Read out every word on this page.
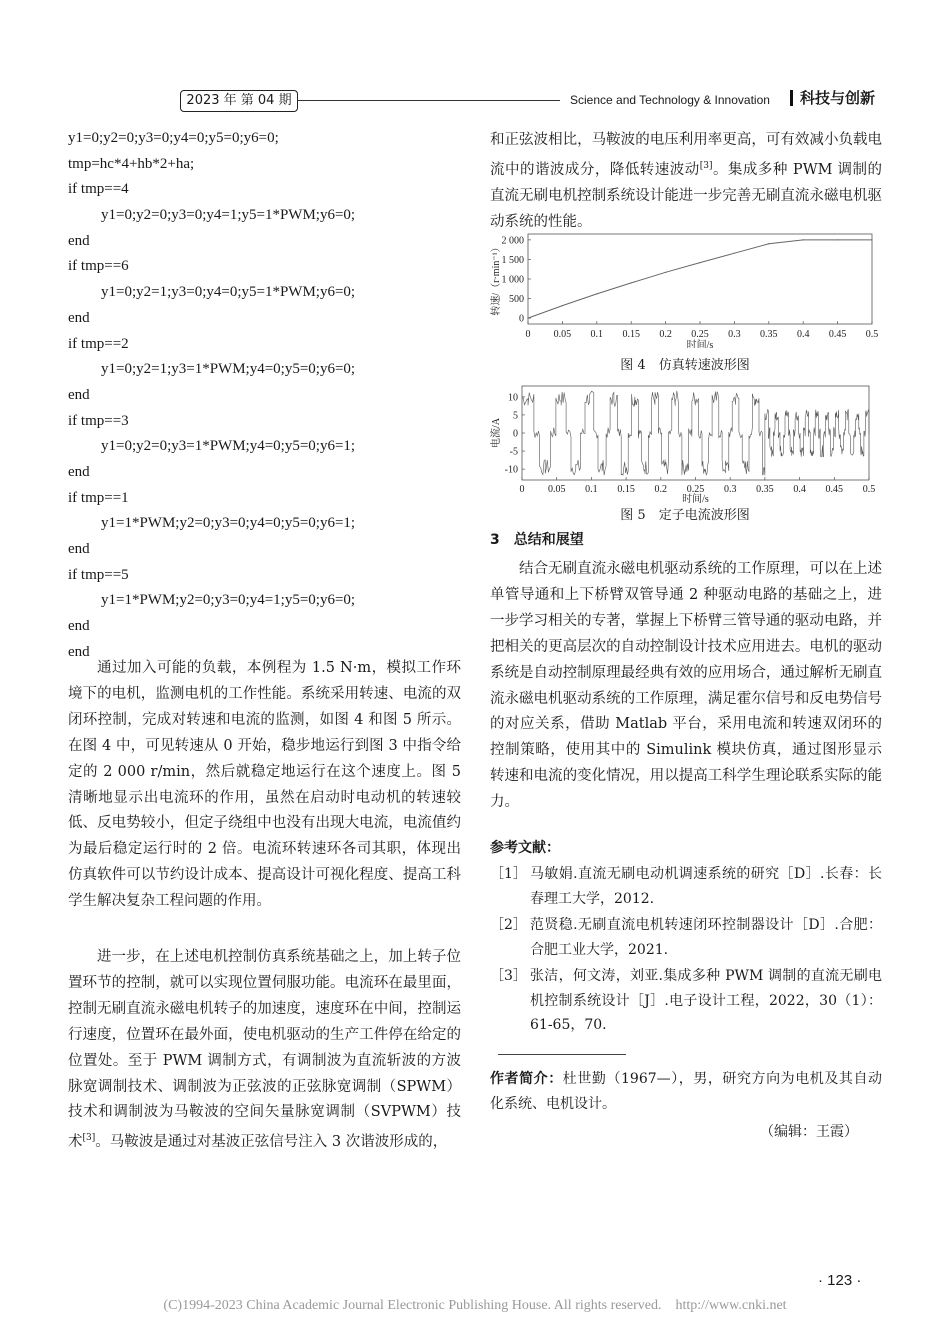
2023 年 第 04 期	Science and Technology & Innovation 科技与创新
y1=0;y2=0;y3=0;y4=0;y5=0;y6=0;
tmp=hc*4+hb*2+ha;
if tmp==4
y1=0;y2=0;y3=0;y4=1;y5=1*PWM;y6=0;
end
if tmp==6
y1=0;y2=1;y3=0;y4=0;y5=1*PWM;y6=0;
end
if tmp==2
y1=0;y2=1;y3=1*PWM;y4=0;y5=0;y6=0;
end
if tmp==3
y1=0;y2=0;y3=1*PWM;y4=0;y5=0;y6=1;
end
if tmp==1
y1=1*PWM;y2=0;y3=0;y4=0;y5=0;y6=1;
end
if tmp==5
y1=1*PWM;y2=0;y3=0;y4=1;y5=0;y6=0;
end
end

通过加入可能的负载，本例程为 1.5 N·m，模拟工作环境下的电机，监测电机的工作性能。系统采用转速、电流的双闭环控制，完成对转速和电流的监测，如图 4 和图 5 所示。在图 4 中，可见转速从 0 开始，稳步地运行到图 3 中指令给定的 2 000 r/min，然后就稳定地运行在这个速度上。图 5 清晰地显示出电流环的作用，虽然在启动时电动机的转速较低、反电势较小，但定子绕组中也没有出现大电流，电流值约为最后稳定运行时的 2 倍。电流环转速环各司其职，体现出仿真软件可以节约设计成本、提高设计可视化程度、提高工科学生解决复杂工程问题的作用。

进一步，在上述电机控制仿真系统基础之上，加上转子位置环节的控制，就可以实现位置伺服功能。电流环在最里面，控制无刷直流永磁电机转子的加速度，速度环在中间，控制运行速度，位置环在最外面，使电机驱动的生产工件停在给定的位置处。至于 PWM 调制方式，有调制波为直流斩波的方波脉宽调制技术、调制波为正弦波的正弦脉宽调制（SPWM）技术和调制波为马鞍波的空间矢量脉宽调制（SVPWM）技术[3]。马鞍波是通过对基波正弦信号注入 3 次谐波形成的，

和正弦波相比，马鞍波的电压利用率更高，可有效减小负载电流中的谐波成分，降低转速波动[3]。集成多种 PWM 调制的直流无刷电机控制系统设计能进一步完善无刷直流永磁电机驱动系统的性能。

0 0.05 0.1 0.15 0.2 0.25 0.3 0.35 0.4 0.45 0.5
0
500
1 000
1 500
2 000
时间/s
转速/（r·min⁻¹）
图 4　仿真转速波形图
0 0.05 0.1 0.15 0.2 0.25 0.3 0.35 0.4 0.45 0.5
10
5
0
-5
-10
时间/s
电流/A
图 5　定子电流波形图
3　总结和展望

结合无刷直流永磁电机驱动系统的工作原理，可以在上述单管导通和上下桥臂双管导通 2 种驱动电路的基础之上，进一步学习相关的专著，掌握上下桥臂三管导通的驱动电路，并把相关的更高层次的自动控制设计技术应用进去。电机的驱动系统是自动控制原理最经典有效的应用场合，通过解析无刷直流永磁电机驱动系统的工作原理，满足霍尔信号和反电势信号的对应关系，借助 Matlab 平台，采用电流和转速双闭环的控制策略，使用其中的 Simulink 模块仿真，通过图形显示转速和电流的变化情况，用以提高工科学生理论联系实际的能力。

参考文献：
［1］ 马敏娟.直流无刷电动机调速系统的研究［D］.长春：长春理工大学，2012.
［2］ 范贤稳.无刷直流电机转速闭环控制器设计［D］.合肥：合肥工业大学，2021.
［3］ 张洁，何文涛，刘亚.集成多种 PWM 调制的直流无刷电机控制系统设计［J］.电子设计工程，2022，30（1）：61-65，70.
作者简介：杜世勤（1967—），男，研究方向为电机及其自动化系统、电机设计。
（编辑：王霞）
· 123 ·
(C)1994-2023 China Academic Journal Electronic Publishing House. All rights reserved.　http://www.cnki.net
